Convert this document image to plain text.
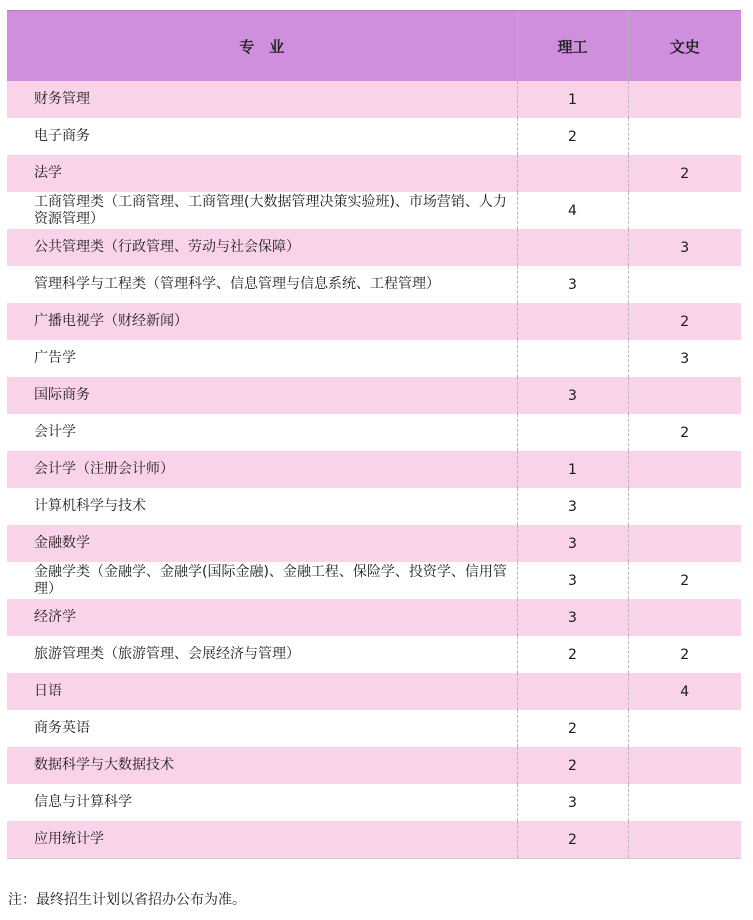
专　业	理工	文史
财务管理	1	
电子商务	2	
法学		2
工商管理类（工商管理、工商管理(大数据管理决策实验班)、市场营销、人力资源管理）	4	
公共管理类（行政管理、劳动与社会保障）		3
管理科学与工程类（管理科学、信息管理与信息系统、工程管理）	3	
广播电视学（财经新闻）		2
广告学		3
国际商务	3	
会计学		2
会计学（注册会计师）	1	
计算机科学与技术	3	
金融数学	3	
金融学类（金融学、金融学(国际金融)、金融工程、保险学、投资学、信用管理）	3	2
经济学	3	
旅游管理类（旅游管理、会展经济与管理）	2	2
日语		4
商务英语	2	
数据科学与大数据技术	2	
信息与计算科学	3	
应用统计学	2	
注：最终招生计划以省招办公布为准。
